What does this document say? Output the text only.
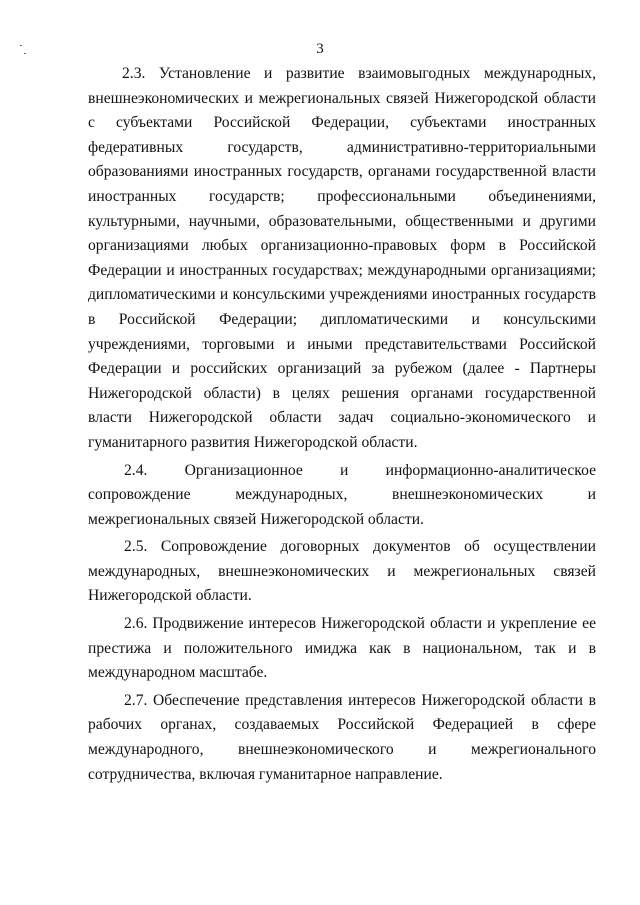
3

2.3. Установление и развитие взаимовыгодных международных, внешнеэкономических и межрегиональных связей Нижегородской области с субъектами Российской Федерации, субъектами иностранных федеративных государств, административно-территориальными образованиями иностранных государств, органами государственной власти иностранных государств; профессиональными объединениями, культурными, научными, образовательными, общественными и другими организациями любых организационно-правовых форм в Российской Федерации и иностранных государствах; международными организациями; дипломатическими и консульскими учреждениями иностранных государств в Российской Федерации; дипломатическими и консульскими учреждениями, торговыми и иными представительствами Российской Федерации и российских организаций за рубежом (далее - Партнеры Нижегородской области) в целях решения органами государственной власти Нижегородской области задач социально-экономического и гуманитарного развития Нижегородской области.

2.4. Организационное и информационно-аналитическое сопровождение международных, внешнеэкономических и межрегиональных связей Нижегородской области.

2.5. Сопровождение договорных документов об осуществлении международных, внешнеэкономических и межрегиональных связей Нижегородской области.

2.6. Продвижение интересов Нижегородской области и укрепление ее престижа и положительного имиджа как в национальном, так и в международном масштабе.

2.7. Обеспечение представления интересов Нижегородской области в рабочих органах, создаваемых Российской Федерацией в сфере международного, внешнеэкономического и межрегионального сотрудничества, включая гуманитарное направление.
